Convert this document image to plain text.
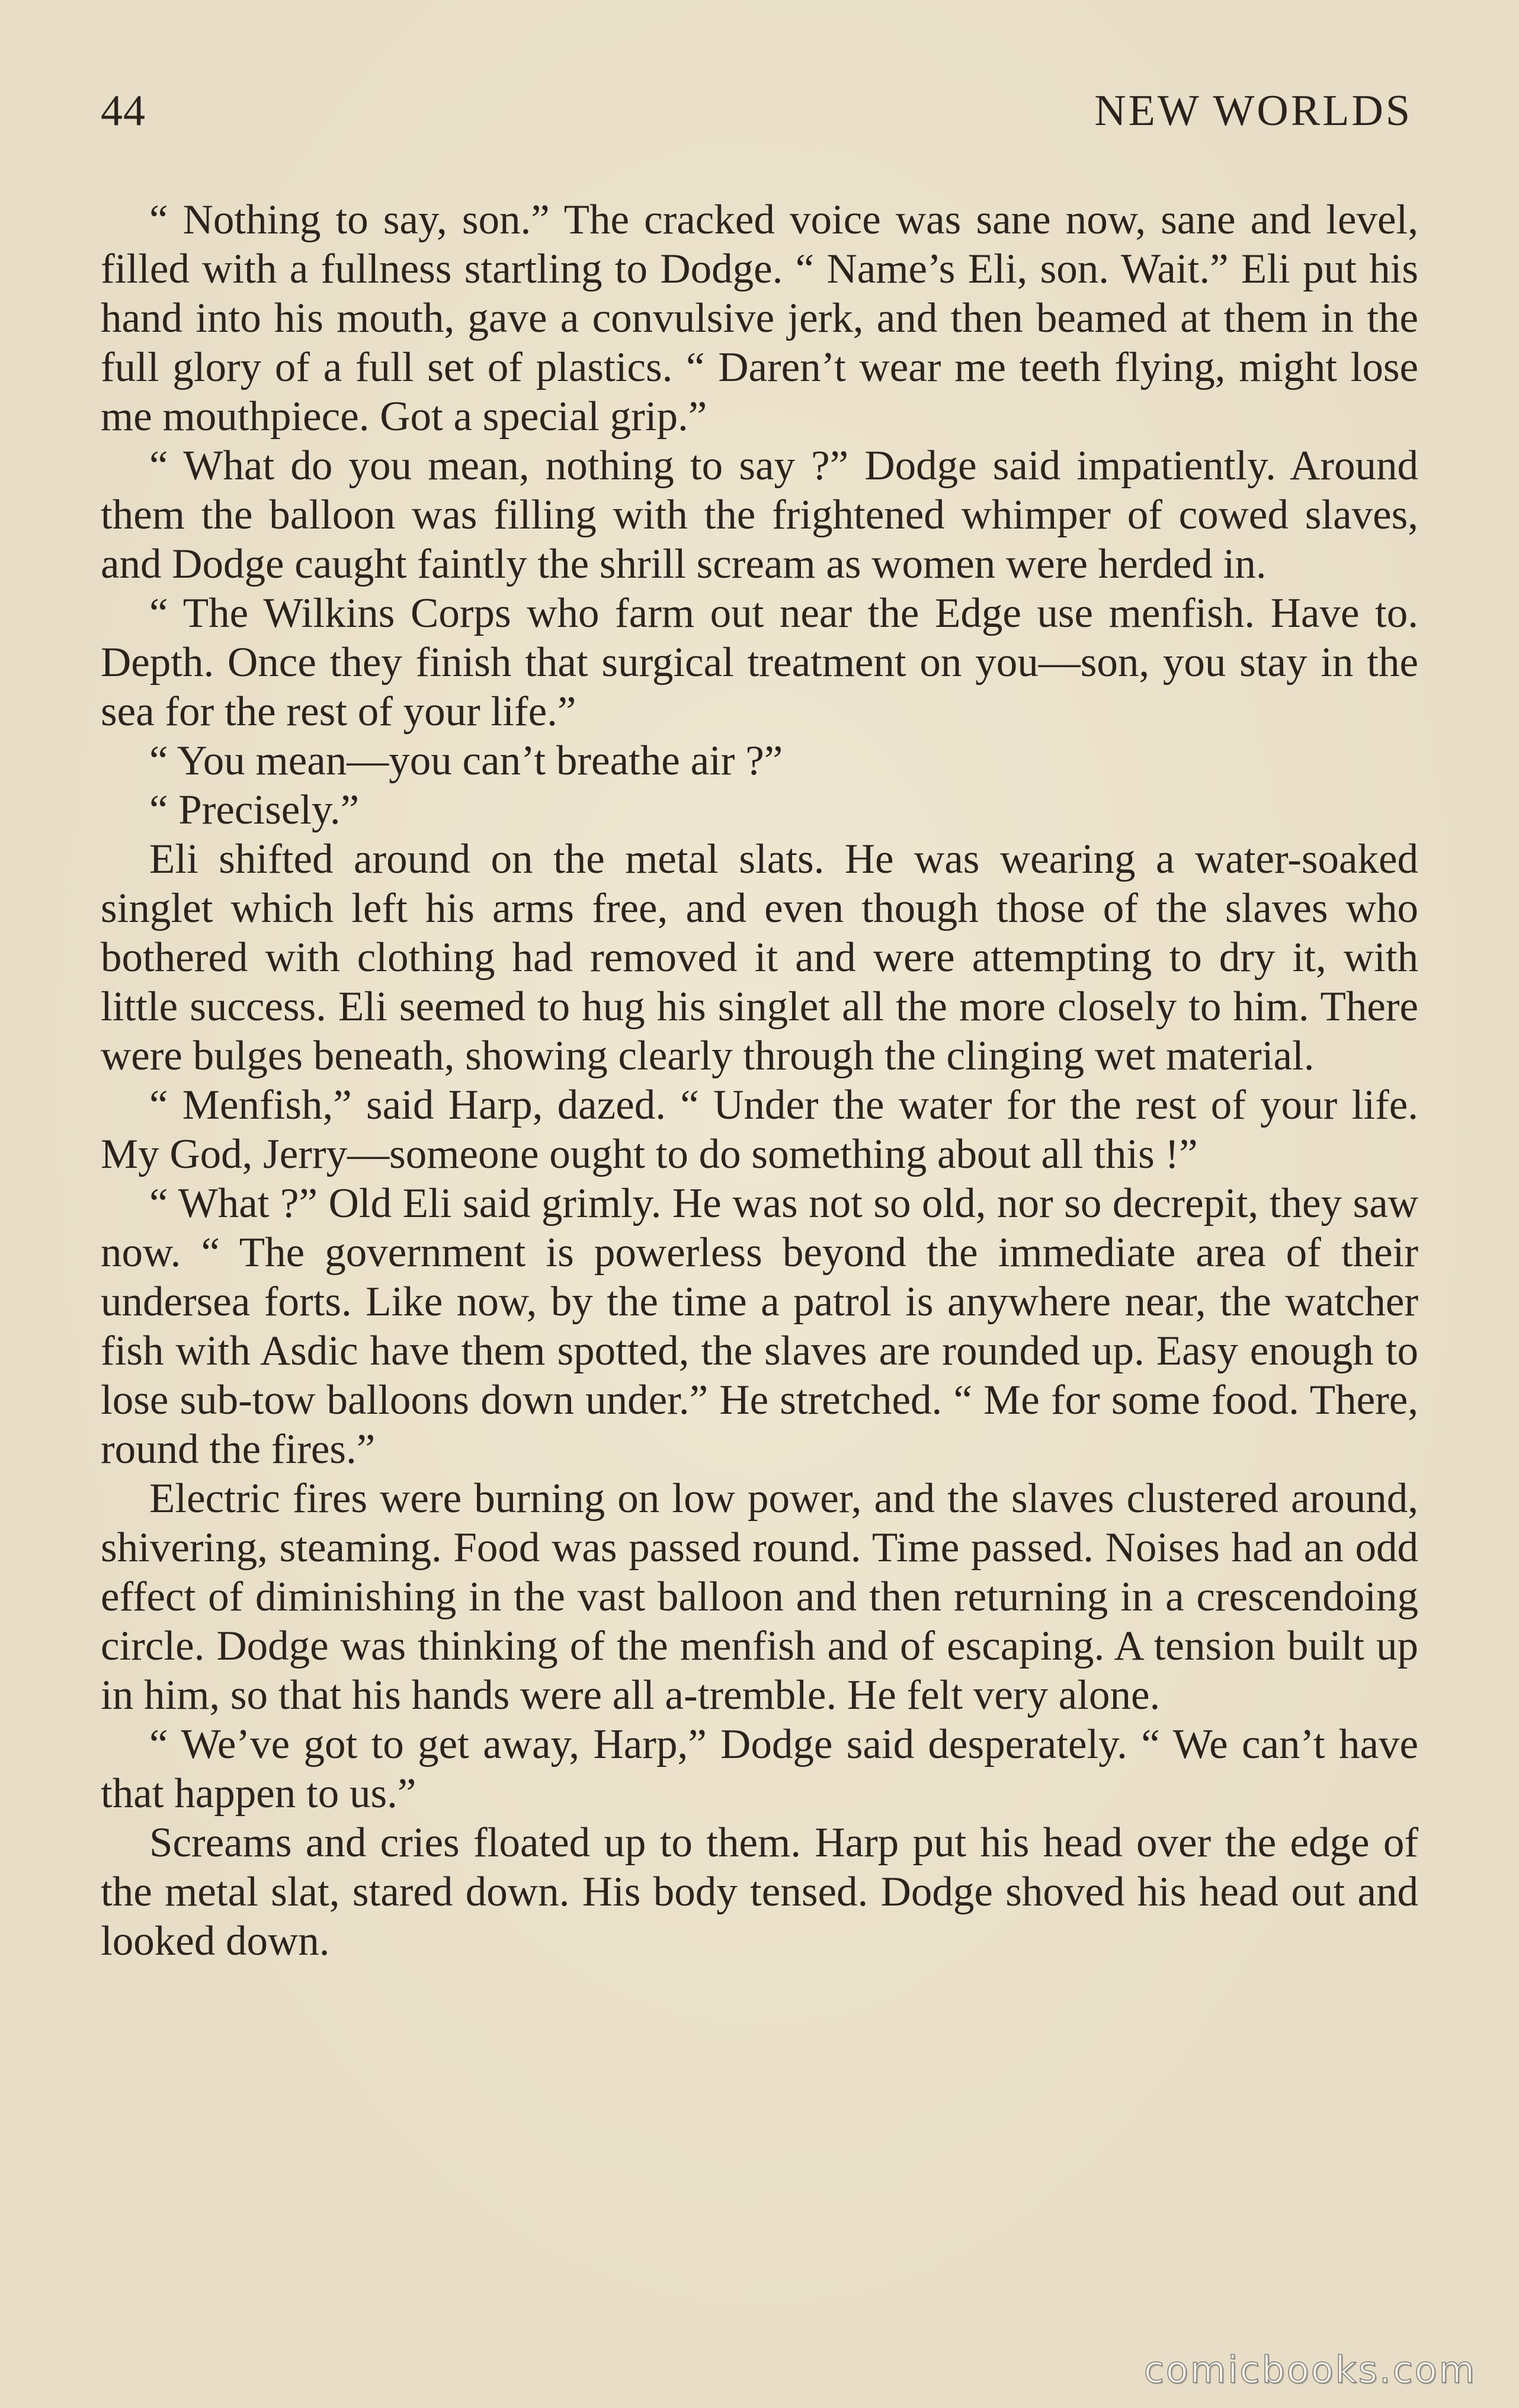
44	NEW WORLDS

“ Nothing to say, son.” The cracked voice was sane now, sane and level, filled with a fullness startling to Dodge. “ Name’s Eli, son. Wait.” Eli put his hand into his mouth, gave a convulsive jerk, and then beamed at them in the full glory of a full set of plastics. “ Daren’t wear me teeth flying, might lose me mouthpiece. Got a special grip.”

“ What do you mean, nothing to say ?” Dodge said impatiently. Around them the balloon was filling with the frightened whimper of cowed slaves, and Dodge caught faintly the shrill scream as women were herded in.

“ The Wilkins Corps who farm out near the Edge use menfish. Have to. Depth. Once they finish that surgical treatment on you—son, you stay in the sea for the rest of your life.”

“ You mean—you can’t breathe air ?”

“ Precisely.”

Eli shifted around on the metal slats. He was wearing a water-soaked singlet which left his arms free, and even though those of the slaves who bothered with clothing had removed it and were attempting to dry it, with little success. Eli seemed to hug his singlet all the more closely to him. There were bulges beneath, showing clearly through the clinging wet material.

“ Menfish,” said Harp, dazed. “ Under the water for the rest of your life. My God, Jerry—someone ought to do something about all this !”

“ What ?” Old Eli said grimly. He was not so old, nor so decrepit, they saw now. “ The government is powerless beyond the immediate area of their undersea forts. Like now, by the time a patrol is anywhere near, the watcher fish with Asdic have them spotted, the slaves are rounded up. Easy enough to lose sub-tow balloons down under.” He stretched. “ Me for some food. There, round the fires.”

Electric fires were burning on low power, and the slaves clustered around, shivering, steaming. Food was passed round. Time passed. Noises had an odd effect of diminishing in the vast balloon and then returning in a crescendoing circle. Dodge was thinking of the menfish and of escaping. A tension built up in him, so that his hands were all a-tremble. He felt very alone.

“ We’ve got to get away, Harp,” Dodge said desperately. “ We can’t have that happen to us.”

Screams and cries floated up to them. Harp put his head over the edge of the metal slat, stared down. His body tensed. Dodge shoved his head out and looked down.

comicbooks.com
